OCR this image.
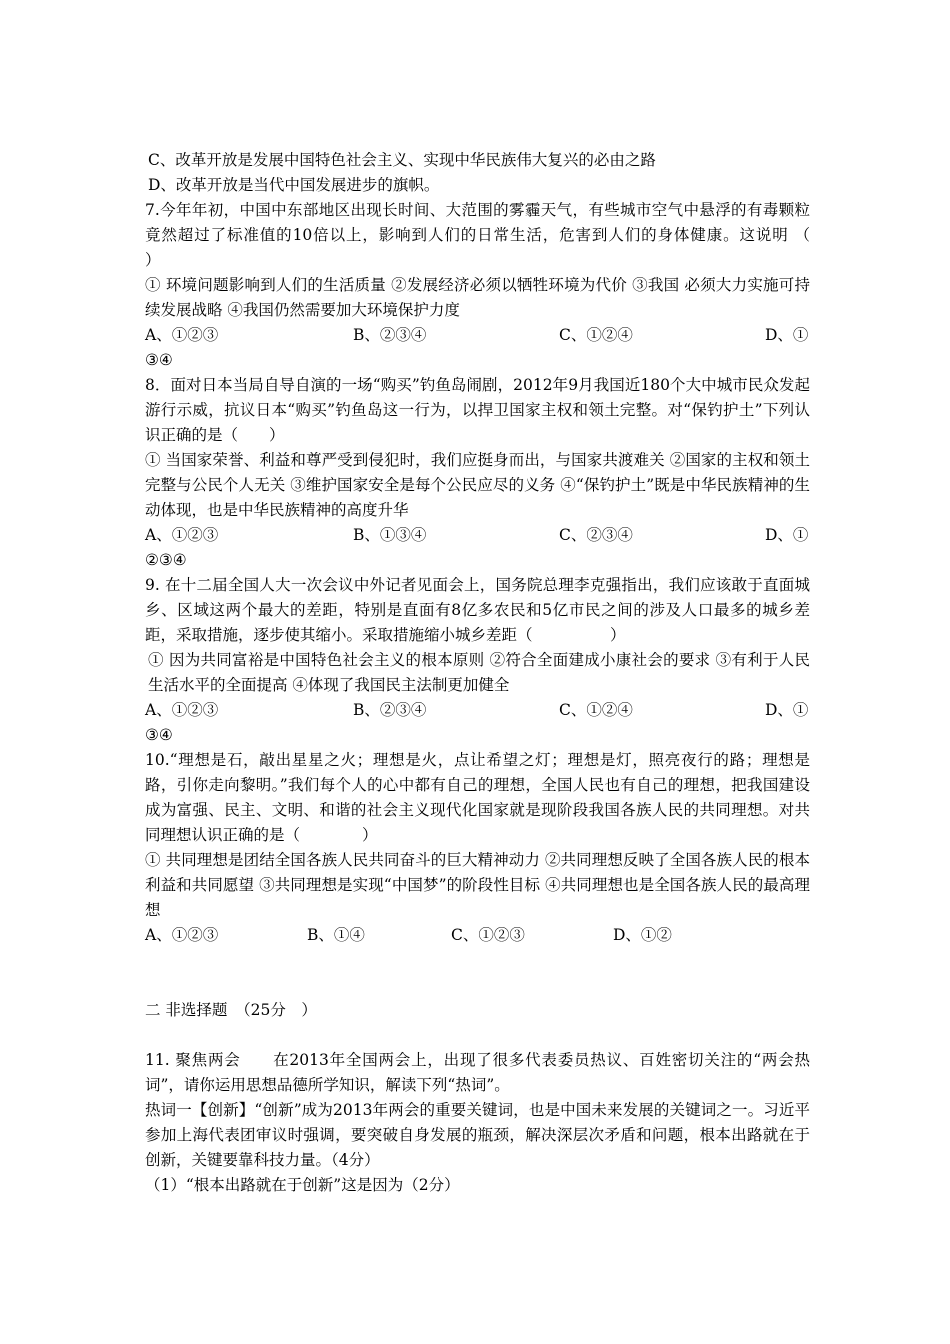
C、改革开放是发展中国特色社会主义、实现中华民族伟大复兴的必由之路
D、改革开放是当代中国发展进步的旗帜。
7.今年年初，中国中东部地区出现长时间、大范围的雾霾天气，有些城市空气中悬浮的有毒颗粒竟然超过了标准值的10倍以上，影响到人们的日常生活，危害到人们的身体健康。这说明 （　　　　）
① 环境问题影响到人们的生活质量 ②发展经济必须以牺牲环境为代价 ③我国 必须大力实施可持续发展战略 ④我国仍然需要加大环境保护力度
A、①②③	B、②③④	C、①②④	D、①
③④
8．面对日本当局自导自演的一场“购买”钓鱼岛闹剧，2012年9月我国近180个大中城市民众发起游行示威，抗议日本“购买”钓鱼岛这一行为，以捍卫国家主权和领土完整。对“保钓护土”下列认识正确的是（　　）
① 当国家荣誉、利益和尊严受到侵犯时，我们应挺身而出，与国家共渡难关 ②国家的主权和领土完整与公民个人无关 ③维护国家安全是每个公民应尽的义务 ④“保钓护土”既是中华民族精神的生动体现，也是中华民族精神的高度升华
A、①②③	B、①③④	C、②③④	D、①
②③④
9. 在十二届全国人大一次会议中外记者见面会上，国务院总理李克强指出，我们应该敢于直面城乡、区域这两个最大的差距，特别是直面有8亿多农民和5亿市民之间的涉及人口最多的城乡差距，采取措施，逐步使其缩小。采取措施缩小城乡差距（　　　　　）
① 因为共同富裕是中国特色社会主义的根本原则 ②符合全面建成小康社会的要求 ③有利于人民生活水平的全面提高 ④体现了我国民主法制更加健全
A、①②③	B、②③④	C、①②④	D、①
③④
10.“理想是石，敲出星星之火；理想是火，点让希望之灯；理想是灯，照亮夜行的路；理想是路，引你走向黎明。”我们每个人的心中都有自己的理想，全国人民也有自己的理想，把我国建设成为富强、民主、文明、和谐的社会主义现代化国家就是现阶段我国各族人民的共同理想。对共同理想认识正确的是（　　　　）
① 共同理想是团结全国各族人民共同奋斗的巨大精神动力 ②共同理想反映了全国各族人民的根本利益和共同愿望 ③共同理想是实现“中国梦”的阶段性目标 ④共同理想也是全国各族人民的最高理想
A、①②③	B、①④	C、①②③	D、①②
二 非选择题　（25分　）
11. 聚焦两会　　在2013年全国两会上，出现了很多代表委员热议、百姓密切关注的“两会热词”，请你运用思想品德所学知识，解读下列“热词”。
热词一【创新】“创新”成为2013年两会的重要关键词，也是中国未来发展的关键词之一。习近平参加上海代表团审议时强调，要突破自身发展的瓶颈，解决深层次矛盾和问题，根本出路就在于创新，关键要靠科技力量。（4分）
（1）“根本出路就在于创新”这是因为（2分）
